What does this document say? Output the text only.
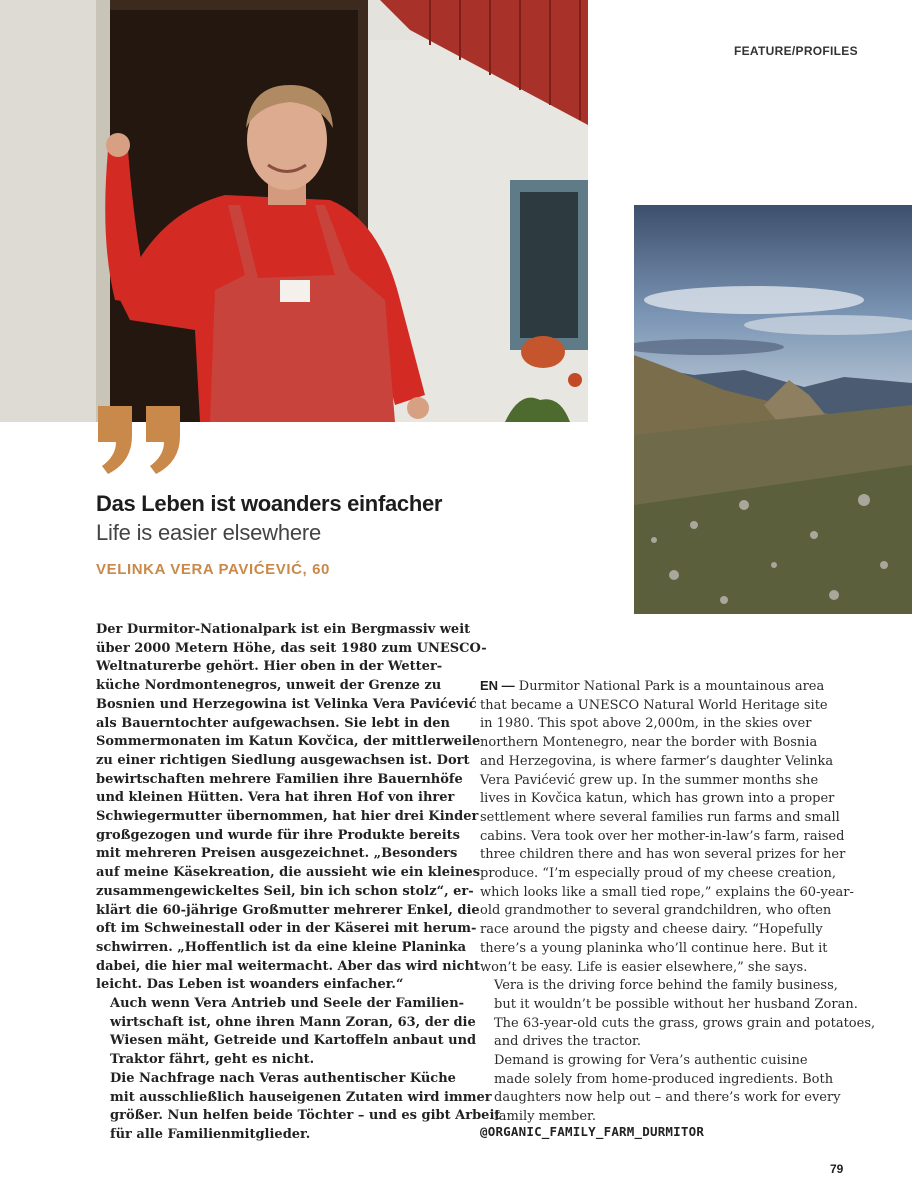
FEATURE/PROFILES
Das Leben ist woanders einfacher
Life is easier elsewhere
VELINKA VERA PAVIĆEVIĆ, 60

Der Durmitor-Nationalpark ist ein Bergmassiv weit
über 2000 Metern Höhe, das seit 1980 zum UNESCO-
Weltnaturerbe gehört. Hier oben in der Wetter-
küche Nordmontenegros, unweit der Grenze zu
Bosnien und Herzegowina ist Velinka Vera Pavićević
als Bauerntochter aufgewachsen. Sie lebt in den
Sommermonaten im Katun Kovčica, der mittlerweile
zu einer richtigen Siedlung ausgewachsen ist. Dort
bewirtschaften mehrere Familien ihre Bauernhöfe
und kleinen Hütten. Vera hat ihren Hof von ihrer
Schwiegermutter übernommen, hat hier drei Kinder
großgezogen und wurde für ihre Produkte bereits
mit mehreren Preisen ausgezeichnet. „Besonders
auf meine Käsekreation, die aussieht wie ein kleines
zusammengewickeltes Seil, bin ich schon stolz“, er-
klärt die 60-jährige Großmutter mehrerer Enkel, die
oft im Schweinestall oder in der Käserei mit herum-
schwirren. „Hoffentlich ist da eine kleine Planinka
dabei, die hier mal weitermacht. Aber das wird nicht
leicht. Das Leben ist woanders einfacher.“

Auch wenn Vera Antrieb und Seele der Familien-
wirtschaft ist, ohne ihren Mann Zoran, 63, der die
Wiesen mäht, Getreide und Kartoffeln anbaut und
Traktor fährt, geht es nicht.

Die Nachfrage nach Veras authentischer Küche
mit ausschließlich hauseigenen Zutaten wird immer
größer. Nun helfen beide Töchter – und es gibt Arbeit
für alle Familienmitglieder.

EN — Durmitor National Park is a mountainous area
that became a UNESCO Natural World Heritage site
in 1980. This spot above 2,000m, in the skies over
northern Montenegro, near the border with Bosnia
and Herzegovina, is where farmer’s daughter Velinka
Vera Pavićević grew up. In the summer months she
lives in Kovčica katun, which has grown into a proper
settlement where several families run farms and small
cabins. Vera took over her mother-in-law’s farm, raised
three children there and has won several prizes for her
produce. “I’m especially proud of my cheese creation,
which looks like a small tied rope,” explains the 60-year-
old grandmother to several grandchildren, who often
race around the pigsty and cheese dairy. “Hopefully
there’s a young planinka who’ll continue here. But it
won’t be easy. Life is easier elsewhere,” she says.

Vera is the driving force behind the family business,
but it wouldn’t be possible without her husband Zoran.
The 63-year-old cuts the grass, grows grain and potatoes,
and drives the tractor.

Demand is growing for Vera’s authentic cuisine
made solely from home-produced ingredients. Both
daughters now help out – and there’s work for every
family member.

@ORGANIC_FAMILY_FARM_DURMITOR
79
